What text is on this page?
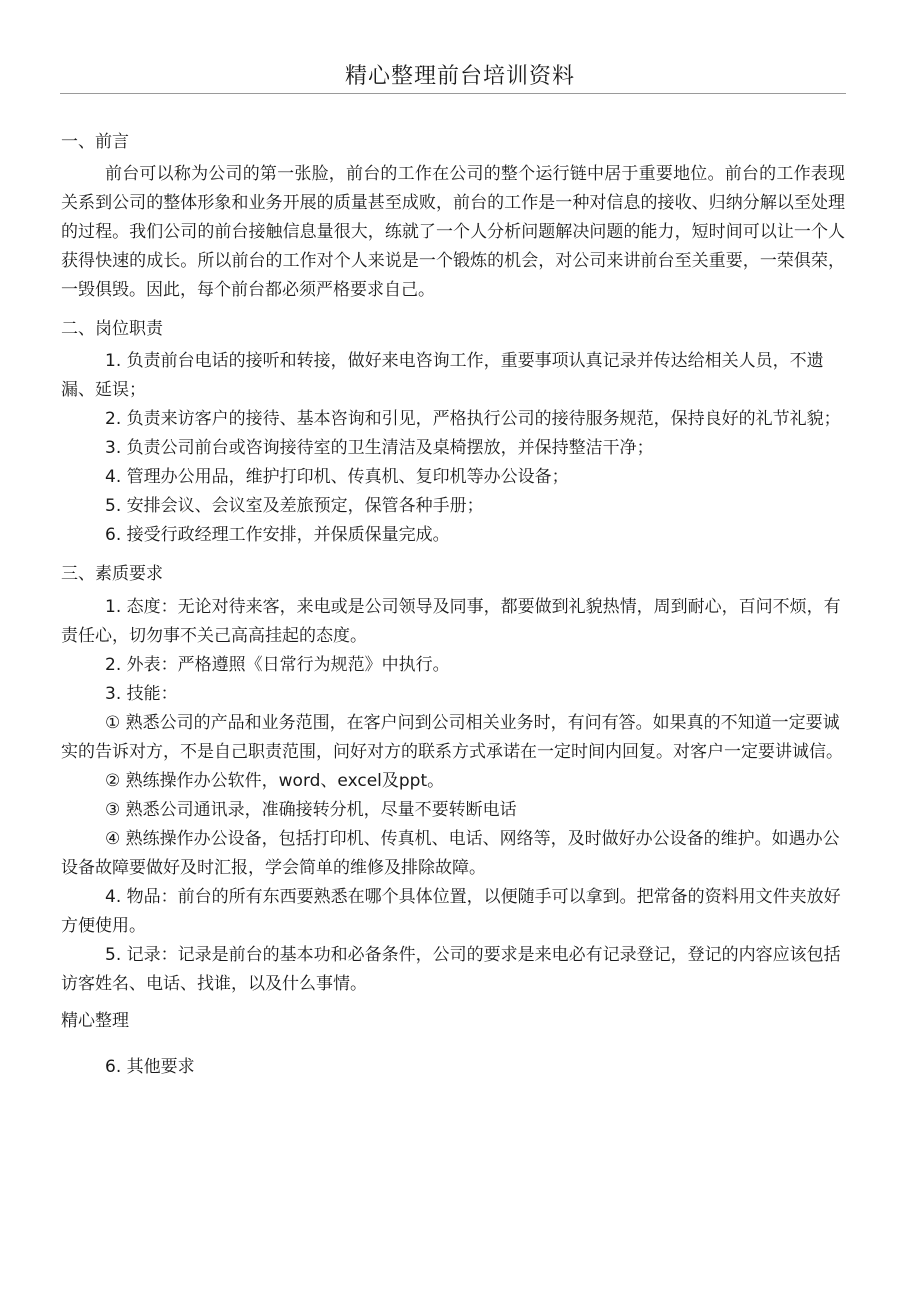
精心整理前台培训资料

一、前言

前台可以称为公司的第一张脸，前台的工作在公司的整个运行链中居于重要地位。前台的工作表现关系到公司的整体形象和业务开展的质量甚至成败，前台的工作是一种对信息的接收、归纳分解以至处理的过程。我们公司的前台接触信息量很大，练就了一个人分析问题解决问题的能力，短时间可以让一个人获得快速的成长。所以前台的工作对个人来说是一个锻炼的机会，对公司来讲前台至关重要，一荣俱荣，一毁俱毁。因此，每个前台都必须严格要求自己。

二、岗位职责

1. 负责前台电话的接听和转接，做好来电咨询工作，重要事项认真记录并传达给相关人员，不遗漏、延误；

2. 负责来访客户的接待、基本咨询和引见，严格执行公司的接待服务规范，保持良好的礼节礼貌；

3. 负责公司前台或咨询接待室的卫生清洁及桌椅摆放，并保持整洁干净；

4. 管理办公用品，维护打印机、传真机、复印机等办公设备；

5. 安排会议、会议室及差旅预定，保管各种手册；

6. 接受行政经理工作安排，并保质保量完成。

三、素质要求

1. 态度：无论对待来客，来电或是公司领导及同事，都要做到礼貌热情，周到耐心，百问不烦，有责任心，切勿事不关己高高挂起的态度。

2. 外表：严格遵照《日常行为规范》中执行。

3. 技能：

① 熟悉公司的产品和业务范围，在客户问到公司相关业务时，有问有答。如果真的不知道一定要诚实的告诉对方，不是自己职责范围，问好对方的联系方式承诺在一定时间内回复。对客户一定要讲诚信。

② 熟练操作办公软件，word、excel及ppt。

③ 熟悉公司通讯录，准确接转分机，尽量不要转断电话

④ 熟练操作办公设备，包括打印机、传真机、电话、网络等，及时做好办公设备的维护。如遇办公设备故障要做好及时汇报，学会简单的维修及排除故障。

4. 物品：前台的所有东西要熟悉在哪个具体位置，以便随手可以拿到。把常备的资料用文件夹放好方便使用。

5. 记录：记录是前台的基本功和必备条件，公司的要求是来电必有记录登记，登记的内容应该包括访客姓名、电话、找谁，以及什么事情。

精心整理

6. 其他要求
